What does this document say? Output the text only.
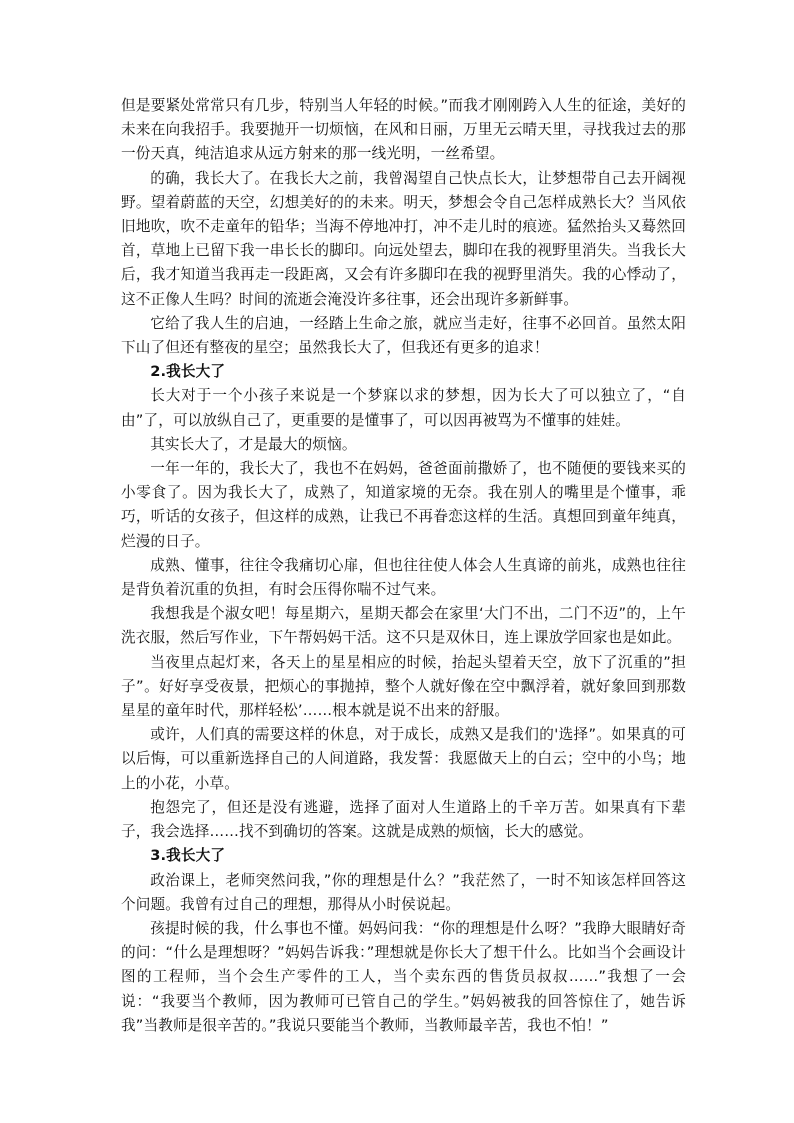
但是要紧处常常只有几步，特别当人年轻的时候。”而我才刚刚跨入人生的征途，美好的未来在向我招手。我要抛开一切烦恼，在风和日丽，万里无云晴天里，寻找我过去的那一份天真，纯洁追求从远方射来的那一线光明，一丝希望。

的确，我长大了。在我长大之前，我曾渴望自己快点长大，让梦想带自己去开阔视野。望着蔚蓝的天空，幻想美好的的未来。明天，梦想会令自己怎样成熟长大？当风依旧地吹，吹不走童年的铅华；当海不停地冲打，冲不走儿时的痕迹。猛然抬头又蓦然回首，草地上已留下我一串长长的脚印。向远处望去，脚印在我的视野里消失。当我长大后，我才知道当我再走一段距离，又会有许多脚印在我的视野里消失。我的心悸动了，这不正像人生吗？时间的流逝会淹没许多往事，还会出现许多新鲜事。

它给了我人生的启迪，一经踏上生命之旅，就应当走好，往事不必回首。虽然太阳下山了但还有整夜的星空；虽然我长大了，但我还有更多的追求！

2.我长大了

长大对于一个小孩子来说是一个梦寐以求的梦想，因为长大了可以独立了，“自由”了，可以放纵自己了，更重要的是懂事了，可以因再被骂为不懂事的娃娃。

其实长大了，才是最大的烦恼。

一年一年的，我长大了，我也不在妈妈，爸爸面前撒娇了，也不随便的要钱来买的小零食了。因为我长大了，成熟了，知道家境的无奈。我在别人的嘴里是个懂事，乖巧，听话的女孩子，但这样的成熟，让我已不再眷恋这样的生活。真想回到童年纯真，烂漫的日子。

成熟、懂事，往往令我痛切心扉，但也往往使人体会人生真谛的前兆，成熟也往往是背负着沉重的负担，有时会压得你喘不过气来。

我想我是个淑女吧！每星期六，星期天都会在家里‘大门不出，二门不迈”的，上午洗衣服，然后写作业，下午帮妈妈干活。这不只是双休日，连上课放学回家也是如此。

当夜里点起灯来，各天上的星星相应的时候，抬起头望着天空，放下了沉重的”担子”。好好享受夜景，把烦心的事抛掉，整个人就好像在空中飘浮着，就好象回到那数星星的童年时代，那样轻松’……根本就是说不出来的舒服。

或许，人们真的需要这样的休息，对于成长，成熟又是我们的'选择”。如果真的可以后悔，可以重新选择自己的人间道路，我发誓：我愿做天上的白云；空中的小鸟；地上的小花，小草。

抱怨完了，但还是没有逃避，选择了面对人生道路上的千辛万苦。如果真有下辈子，我会选择……找不到确切的答案。这就是成熟的烦恼，长大的感觉。

3.我长大了

政治课上，老师突然问我，”你的理想是什么？”我茫然了，一时不知该怎样回答这个问题。我曾有过自己的理想，那得从小时侯说起。

孩提时候的我，什么事也不懂。妈妈问我：“你的理想是什么呀？”我睁大眼睛好奇的问：“什么是理想呀？”妈妈告诉我：”理想就是你长大了想干什么。比如当个会画设计图的工程师，当个会生产零件的工人，当个卖东西的售货员叔叔……”我想了一会说：“我要当个教师，因为教师可已管自己的学生。”妈妈被我的回答惊住了，她告诉我”当教师是很辛苦的。”我说只要能当个教师，当教师最辛苦，我也不怕！”
